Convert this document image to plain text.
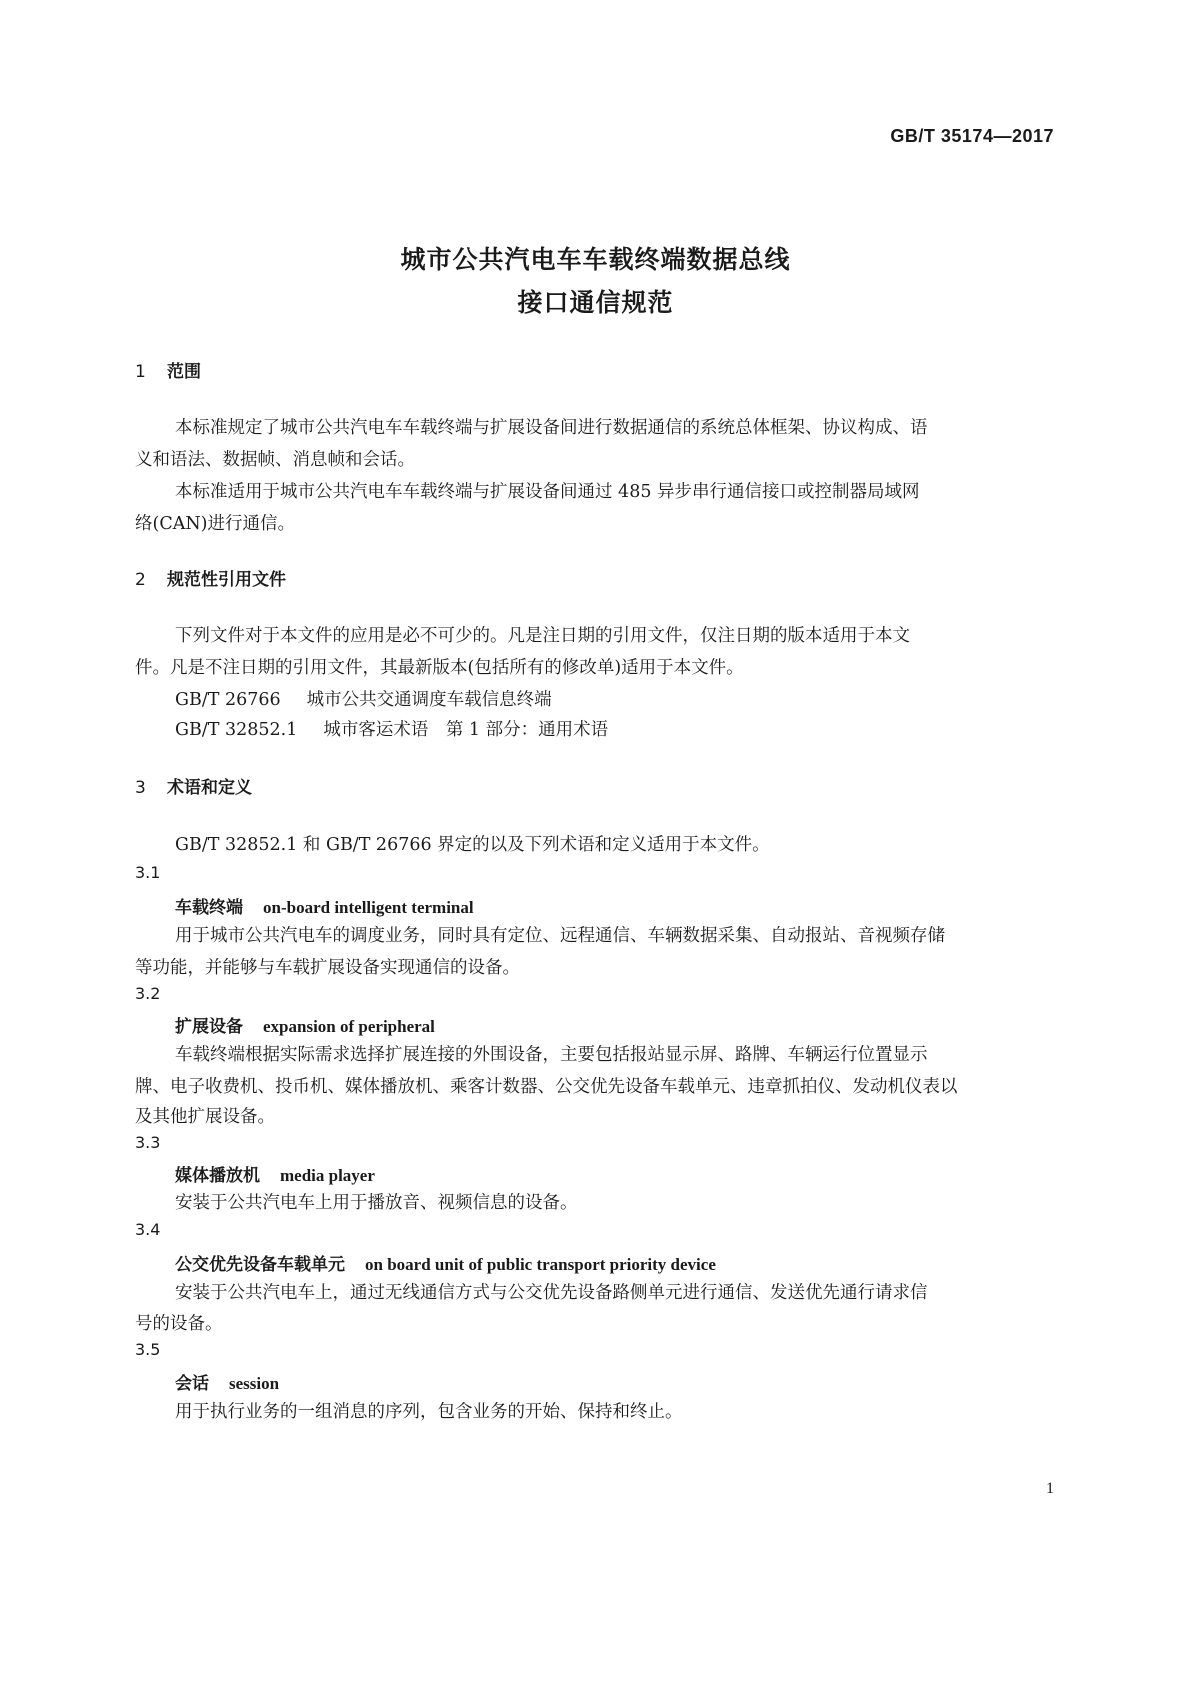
GB/T 35174—2017
城市公共汽电车车载终端数据总线
接口通信规范
1 范围
本标准规定了城市公共汽电车车载终端与扩展设备间进行数据通信的系统总体框架、协议构成、语
义和语法、数据帧、消息帧和会话。
本标准适用于城市公共汽电车车载终端与扩展设备间通过 485 异步串行通信接口或控制器局域网
络(CAN)进行通信。
2 规范性引用文件
下列文件对于本文件的应用是必不可少的。凡是注日期的引用文件，仅注日期的版本适用于本文
件。凡是不注日期的引用文件，其最新版本(包括所有的修改单)适用于本文件。
GB/T 26766 城市公共交通调度车载信息终端
GB/T 32852.1 城市客运术语　第 1 部分：通用术语
3 术语和定义
GB/T 32852.1 和 GB/T 26766 界定的以及下列术语和定义适用于本文件。
3.1
车载终端 on-board intelligent terminal
用于城市公共汽电车的调度业务，同时具有定位、远程通信、车辆数据采集、自动报站、音视频存储
等功能，并能够与车载扩展设备实现通信的设备。
3.2
扩展设备 expansion of peripheral
车载终端根据实际需求选择扩展连接的外围设备，主要包括报站显示屏、路牌、车辆运行位置显示
牌、电子收费机、投币机、媒体播放机、乘客计数器、公交优先设备车载单元、违章抓拍仪、发动机仪表以
及其他扩展设备。
3.3
媒体播放机 media player
安装于公共汽电车上用于播放音、视频信息的设备。
3.4
公交优先设备车载单元 on board unit of public transport priority device
安装于公共汽电车上，通过无线通信方式与公交优先设备路侧单元进行通信、发送优先通行请求信
号的设备。
3.5
会话 session
用于执行业务的一组消息的序列，包含业务的开始、保持和终止。
1
